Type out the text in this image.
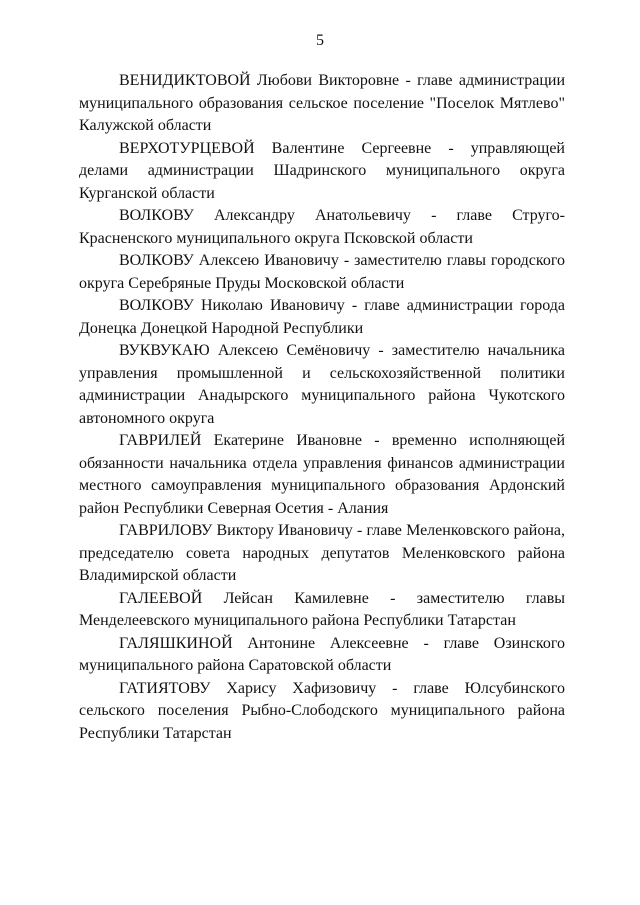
5

ВЕНИДИКТОВОЙ Любови Викторовне - главе администрации муниципального образования сельское поселение "Поселок Мятлево" Калужской области

ВЕРХОТУРЦЕВОЙ Валентине Сергеевне - управляющей делами администрации Шадринского муниципального округа Курганской области

ВОЛКОВУ Александру Анатольевичу - главе Струго-Красненского муниципального округа Псковской области

ВОЛКОВУ Алексею Ивановичу - заместителю главы городского округа Серебряные Пруды Московской области

ВОЛКОВУ Николаю Ивановичу - главе администрации города Донецка Донецкой Народной Республики

ВУКВУКАЮ Алексею Семёновичу - заместителю начальника управления промышленной и сельскохозяйственной политики администрации Анадырского муниципального района Чукотского автономного округа

ГАВРИЛЕЙ Екатерине Ивановне - временно исполняющей обязанности начальника отдела управления финансов администрации местного самоуправления муниципального образования Ардонский район Республики Северная Осетия - Алания

ГАВРИЛОВУ Виктору Ивановичу - главе Меленковского района, председателю совета народных депутатов Меленковского района Владимирской области

ГАЛЕЕВОЙ Лейсан Камилевне - заместителю главы Менделеевского муниципального района Республики Татарстан

ГАЛЯШКИНОЙ Антонине Алексеевне - главе Озинского муниципального района Саратовской области

ГАТИЯТОВУ Харису Хафизовичу - главе Юлсубинского сельского поселения Рыбно-Слободского муниципального района Республики Татарстан
